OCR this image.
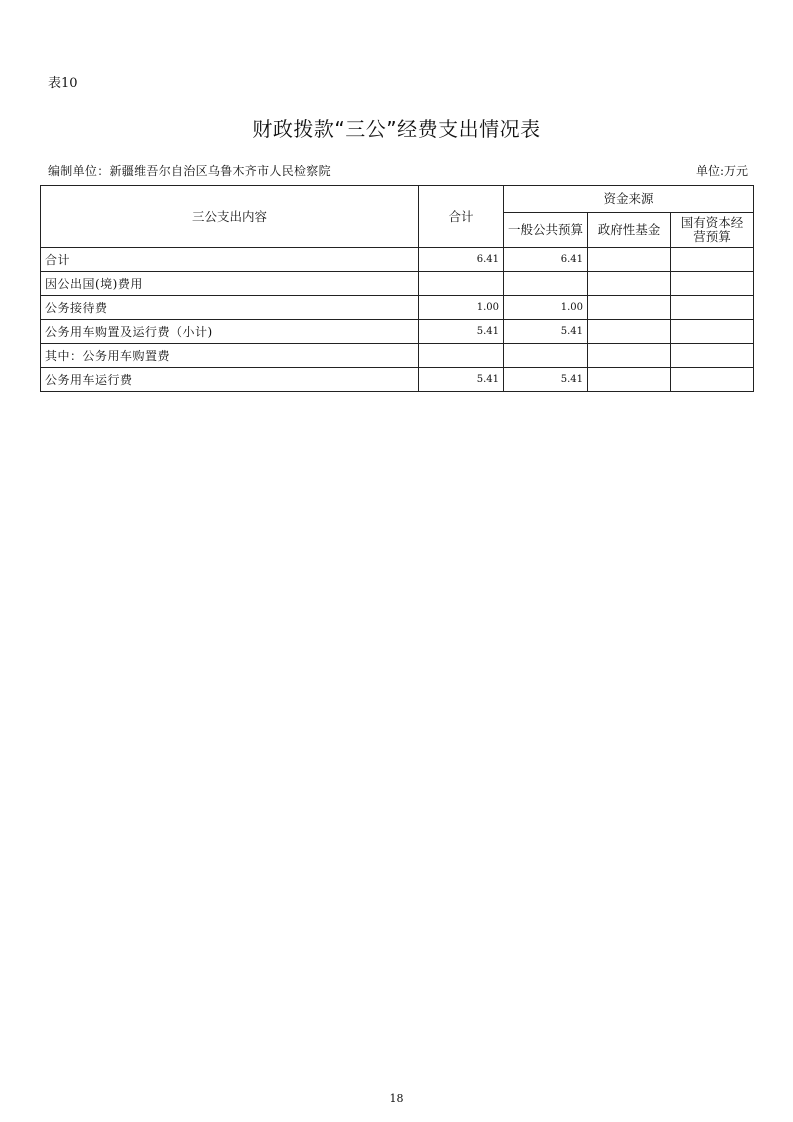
表10
财政拨款“三公”经费支出情况表
编制单位：新疆维吾尔自治区乌鲁木齐市人民检察院	单位:万元
三公支出内容	合计	资金来源		
		一般公共预算	政府性基金	国有资本经营预算
合计	6.41	6.41		
因公出国(境)费用				
公务接待费	1.00	1.00		
公务用车购置及运行费（小计)	5.41	5.41		
其中：公务用车购置费				
公务用车运行费	5.41	5.41		
18
